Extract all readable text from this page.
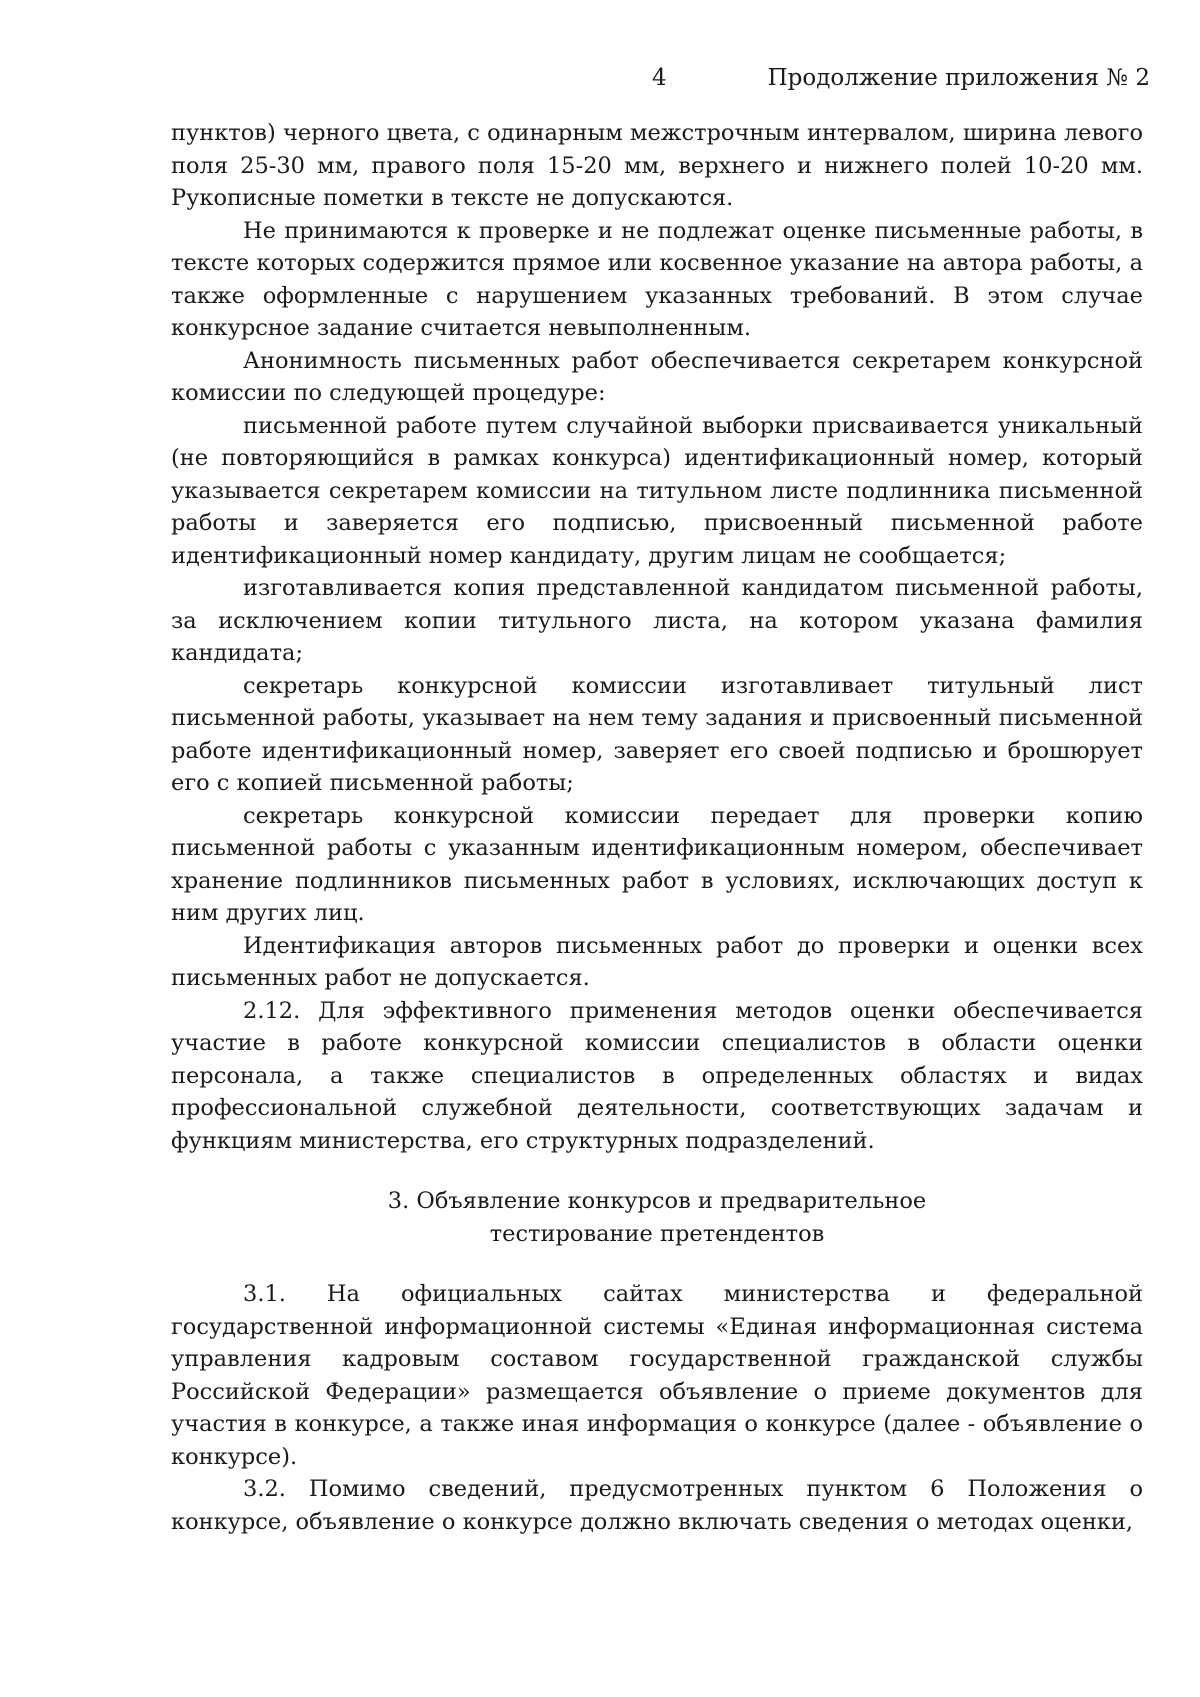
4	Продолжение приложения № 2

пунктов) черного цвета, с одинарным межстрочным интервалом, ширина левого поля 25-30 мм, правого поля 15-20 мм, верхнего и нижнего полей 10-20 мм. Рукописные пометки в тексте не допускаются.

Не принимаются к проверке и не подлежат оценке письменные работы, в тексте которых содержится прямое или косвенное указание на автора работы, а также оформленные с нарушением указанных требований. В этом случае конкурсное задание считается невыполненным.

Анонимность письменных работ обеспечивается секретарем конкурсной комиссии по следующей процедуре:

письменной работе путем случайной выборки присваивается уникальный (не повторяющийся в рамках конкурса) идентификационный номер, который указывается секретарем комиссии на титульном листе подлинника письменной работы и заверяется его подписью, присвоенный письменной работе идентификационный номер кандидату, другим лицам не сообщается;

изготавливается копия представленной кандидатом письменной работы, за исключением копии титульного листа, на котором указана фамилия кандидата;

секретарь конкурсной комиссии изготавливает титульный лист письменной работы, указывает на нем тему задания и присвоенный письменной работе идентификационный номер, заверяет его своей подписью и брошюрует его с копией письменной работы;

секретарь конкурсной комиссии передает для проверки копию письменной работы с указанным идентификационным номером, обеспечивает хранение подлинников письменных работ в условиях, исключающих доступ к ним других лиц.

Идентификация авторов письменных работ до проверки и оценки всех письменных работ не допускается.

2.12. Для эффективного применения методов оценки обеспечивается участие в работе конкурсной комиссии специалистов в области оценки персонала, а также специалистов в определенных областях и видах профессиональной служебной деятельности, соответствующих задачам и функциям министерства, его структурных подразделений.

3. Объявление конкурсов и предварительное
тестирование претендентов

3.1. На официальных сайтах министерства и федеральной государственной информационной системы «Единая информационная система управления кадровым составом государственной гражданской службы Российской Федерации» размещается объявление о приеме документов для участия в конкурсе, а также иная информация о конкурсе (далее - объявление о конкурсе).

3.2. Помимо сведений, предусмотренных пунктом 6 Положения о конкурсе, объявление о конкурсе должно включать сведения о методах оценки,
